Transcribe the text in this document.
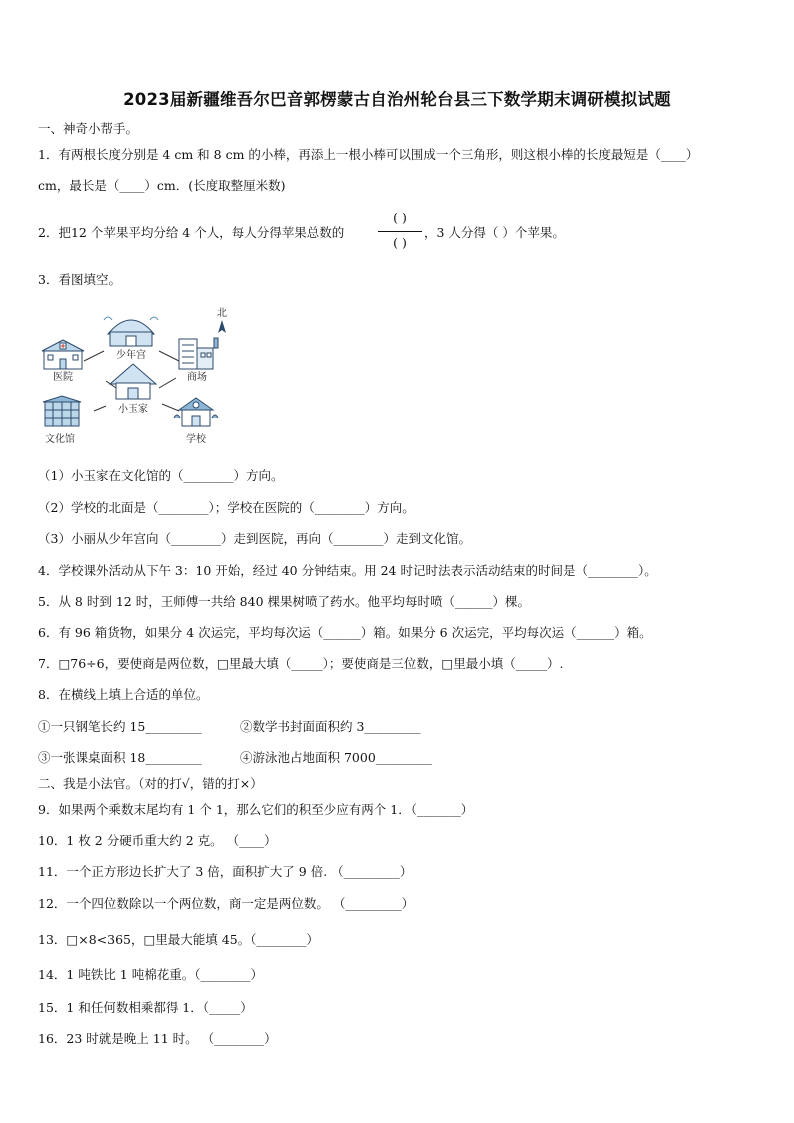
2023届新疆维吾尔巴音郭楞蒙古自治州轮台县三下数学期末调研模拟试题
一、神奇小帮手。
1．有两根长度分别是 4 cm 和 8 cm 的小棒，再添上一根小棒可以围成一个三角形，则这根小棒的长度最短是（____）
cm，最长是（____）cm．(长度取整厘米数)
2．把12 个苹果平均分给 4 个人，每人分得苹果总数的
( )
( )
，3 人分得（ ）个苹果。
3．看图填空。
少年宫
医院	商场
北
小玉家
文化馆	学校
（1）小玉家在文化馆的（________）方向。
（2）学校的北面是（________）；学校在医院的（________）方向。
（3）小丽从少年宫向（________）走到医院，再向（________）走到文化馆。
4．学校课外活动从下午 3：10 开始，经过 40 分钟结束。用 24 时记时法表示活动结束的时间是（________）。
5．从 8 时到 12 时，王师傅一共给 840 棵果树喷了药水。他平均每时喷（______）棵。
6．有 96 箱货物，如果分 4 次运完，平均每次运（______）箱。如果分 6 次运完，平均每次运（______）箱。
7．□76÷6，要使商是两位数，□里最大填（_____）；要使商是三位数，□里最小填（_____）.
8．在横线上填上合适的单位。
①一只钢笔长约 15_________	②数学书封面面积约 3_________
③一张课桌面积 18_________	④游泳池占地面积 7000_________
二、我是小法官。（对的打√，错的打×）
9．如果两个乘数末尾均有 1 个 1，那么它们的积至少应有两个 1．（_______）
10．1 枚 2 分硬币重大约 2 克。 （____）
11．一个正方形边长扩大了 3 倍，面积扩大了 9 倍. （_________）
12．一个四位数除以一个两位数，商一定是两位数。 （_________）
13．□×8<365，□里最大能填 45。（________）
14．1 吨铁比 1 吨棉花重。（________）
15．1 和任何数相乘都得 1．（_____）
16．23 时就是晚上 11 时。 （________）
